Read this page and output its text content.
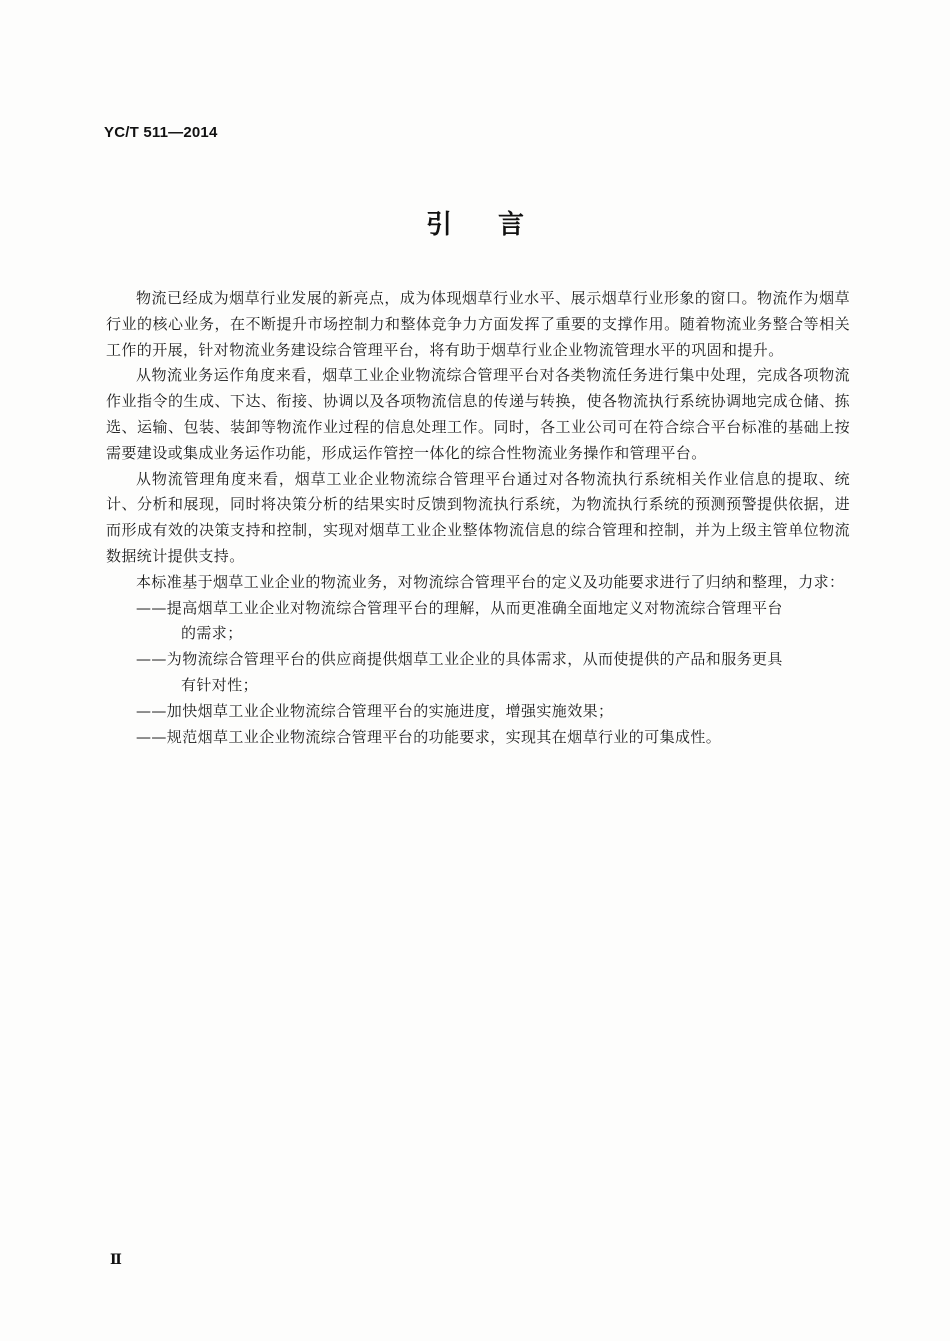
YC/T 511—2014
引言

物流已经成为烟草行业发展的新亮点，成为体现烟草行业水平、展示烟草行业形象的窗口。物流作为烟草行业的核心业务，在不断提升市场控制力和整体竞争力方面发挥了重要的支撑作用。随着物流业务整合等相关工作的开展，针对物流业务建设综合管理平台，将有助于烟草行业企业物流管理水平的巩固和提升。

从物流业务运作角度来看，烟草工业企业物流综合管理平台对各类物流任务进行集中处理，完成各项物流作业指令的生成、下达、衔接、协调以及各项物流信息的传递与转换，使各物流执行系统协调地完成仓储、拣选、运输、包装、装卸等物流作业过程的信息处理工作。同时，各工业公司可在符合综合平台标准的基础上按需要建设或集成业务运作功能，形成运作管控一体化的综合性物流业务操作和管理平台。

从物流管理角度来看，烟草工业企业物流综合管理平台通过对各物流执行系统相关作业信息的提取、统计、分析和展现，同时将决策分析的结果实时反馈到物流执行系统，为物流执行系统的预测预警提供依据，进而形成有效的决策支持和控制，实现对烟草工业企业整体物流信息的综合管理和控制，并为上级主管单位物流数据统计提供支持。

本标准基于烟草工业企业的物流业务，对物流综合管理平台的定义及功能要求进行了归纳和整理，力求：

——提高烟草工业企业对物流综合管理平台的理解，从而更准确全面地定义对物流综合管理平台
的需求；
——为物流综合管理平台的供应商提供烟草工业企业的具体需求，从而使提供的产品和服务更具
有针对性；
——加快烟草工业企业物流综合管理平台的实施进度，增强实施效果；
——规范烟草工业企业物流综合管理平台的功能要求，实现其在烟草行业的可集成性。
Ⅱ
